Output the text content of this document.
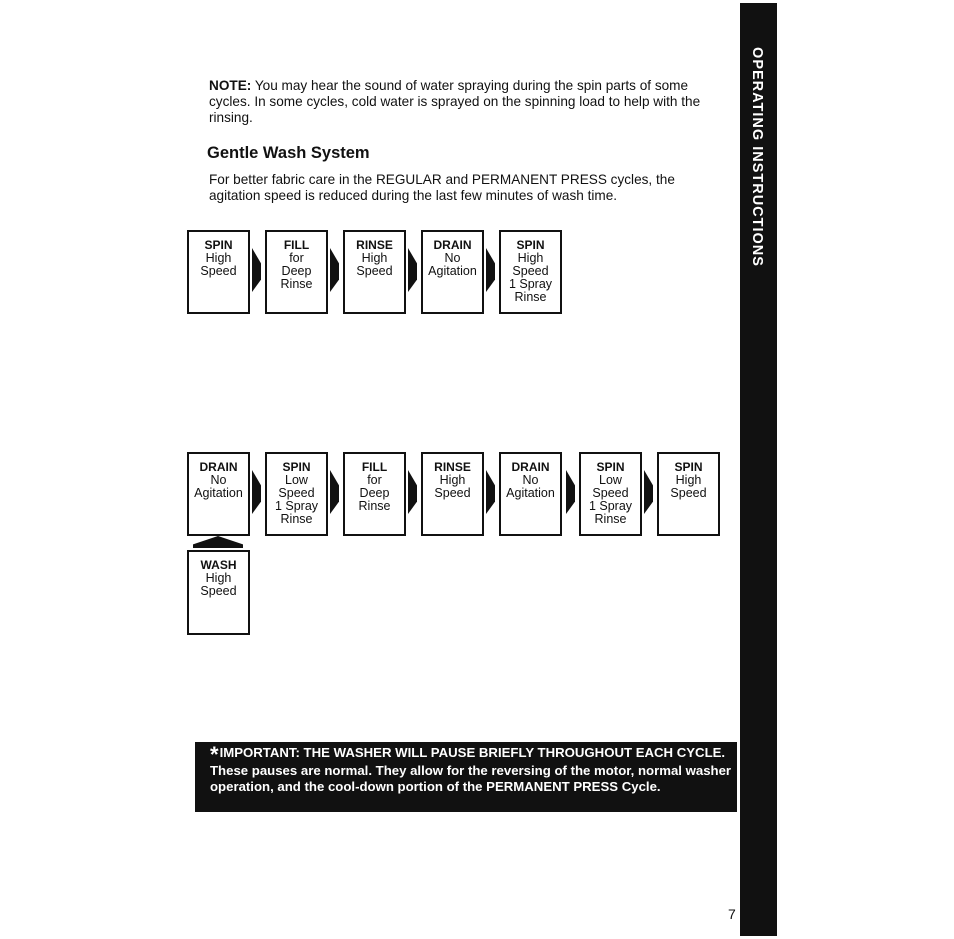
OPERATING INSTRUCTIONS
NOTE: You may hear the sound of water spraying during the spin parts of some cycles. In some cycles, cold water is sprayed on the spinning load to help with the rinsing.
Gentle Wash System
For better fabric care in the REGULAR and PERMANENT PRESS cycles, the agitation speed is reduced during the last few minutes of wash time.
SPIN
High
Speed
FILL
for
Deep
Rinse
RINSE
High
Speed
DRAIN
No
Agitation
SPIN
High
Speed
1 Spray
Rinse
DRAIN
No
Agitation
SPIN
Low
Speed
1 Spray
Rinse
FILL
for
Deep
Rinse
RINSE
High
Speed
DRAIN
No
Agitation
SPIN
Low
Speed
1 Spray
Rinse
SPIN
High
Speed
WASH
High
Speed
*IMPORTANT: THE WASHER WILL PAUSE BRIEFLY THROUGHOUT EACH CYCLE.
These pauses are normal. They allow for the reversing of the motor, normal washer operation, and the cool-down portion of the PERMANENT PRESS Cycle.
7
